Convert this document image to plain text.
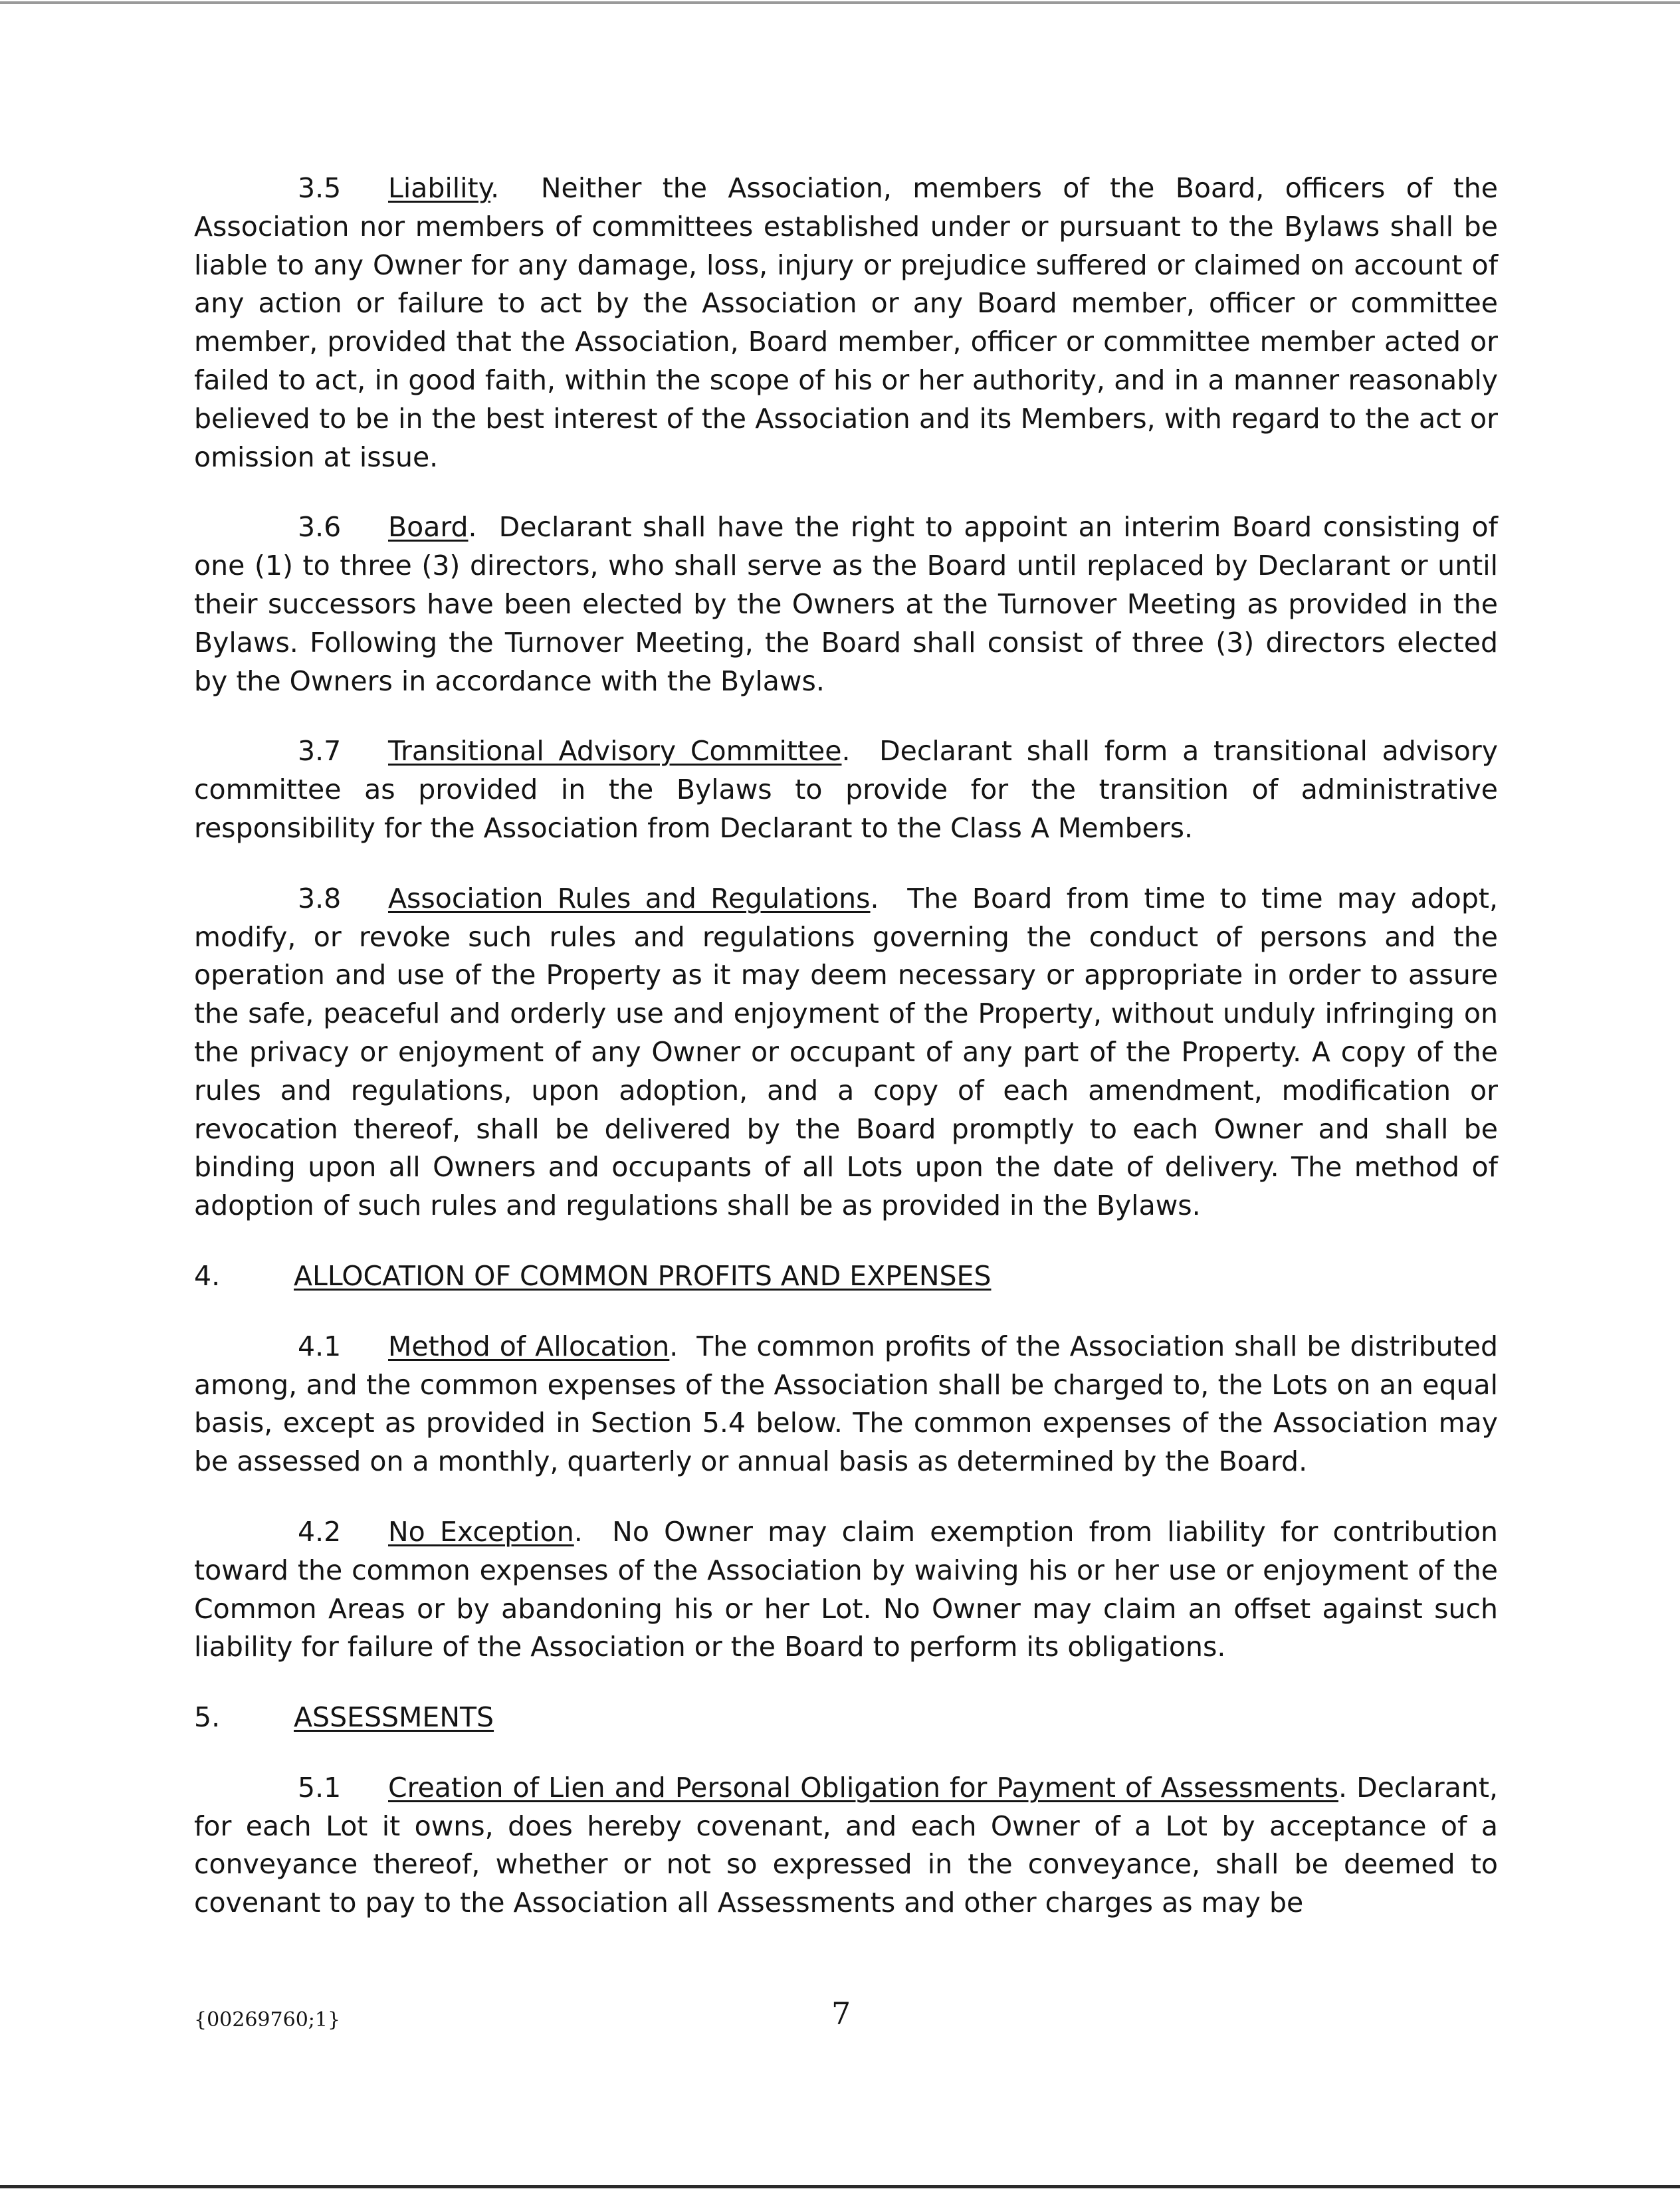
3.5 Liability.  Neither the Association, members of the Board, officers of the Association nor members of committees established under or pursuant to the Bylaws shall be liable to any Owner for any damage, loss, injury or prejudice suffered or claimed on account of any action or failure to act by the Association or any Board member, officer or committee member, provided that the Association, Board member, officer or committee member acted or failed to act, in good faith, within the scope of his or her authority, and in a manner reasonably believed to be in the best interest of the Association and its Members, with regard to the act or omission at issue.

3.6 Board.  Declarant shall have the right to appoint an interim Board consisting of one (1) to three (3) directors, who shall serve as the Board until replaced by Declarant or until their successors have been elected by the Owners at the Turnover Meeting as provided in the Bylaws. Following the Turnover Meeting, the Board shall consist of three (3) directors elected by the Owners in accordance with the Bylaws.

3.7 Transitional Advisory Committee.  Declarant shall form a transitional advisory committee as provided in the Bylaws to provide for the transition of administrative responsibility for the Association from Declarant to the Class A Members.

3.8 Association Rules and Regulations.  The Board from time to time may adopt, modify, or revoke such rules and regulations governing the conduct of persons and the operation and use of the Property as it may deem necessary or appropriate in order to assure the safe, peaceful and orderly use and enjoyment of the Property, without unduly infringing on the privacy or enjoyment of any Owner or occupant of any part of the Property. A copy of the rules and regulations, upon adoption, and a copy of each amendment, modification or revocation thereof, shall be delivered by the Board promptly to each Owner and shall be binding upon all Owners and occupants of all Lots upon the date of delivery. The method of adoption of such rules and regulations shall be as provided in the Bylaws.

4.	ALLOCATION OF COMMON PROFITS AND EXPENSES

4.1 Method of Allocation.  The common profits of the Association shall be distributed among, and the common expenses of the Association shall be charged to, the Lots on an equal basis, except as provided in Section 5.4 below. The common expenses of the Association may be assessed on a monthly, quarterly or annual basis as determined by the Board.

4.2 No Exception.  No Owner may claim exemption from liability for contribution toward the common expenses of the Association by waiving his or her use or enjoyment of the Common Areas or by abandoning his or her Lot. No Owner may claim an offset against such liability for failure of the Association or the Board to perform its obligations.

5.	ASSESSMENTS

5.1 Creation of Lien and Personal Obligation for Payment of Assessments. Declarant, for each Lot it owns, does hereby covenant, and each Owner of a Lot by acceptance of a conveyance thereof, whether or not so expressed in the conveyance, shall be deemed to covenant to pay to the Association all Assessments and other charges as may be

{00269760;1}	7
